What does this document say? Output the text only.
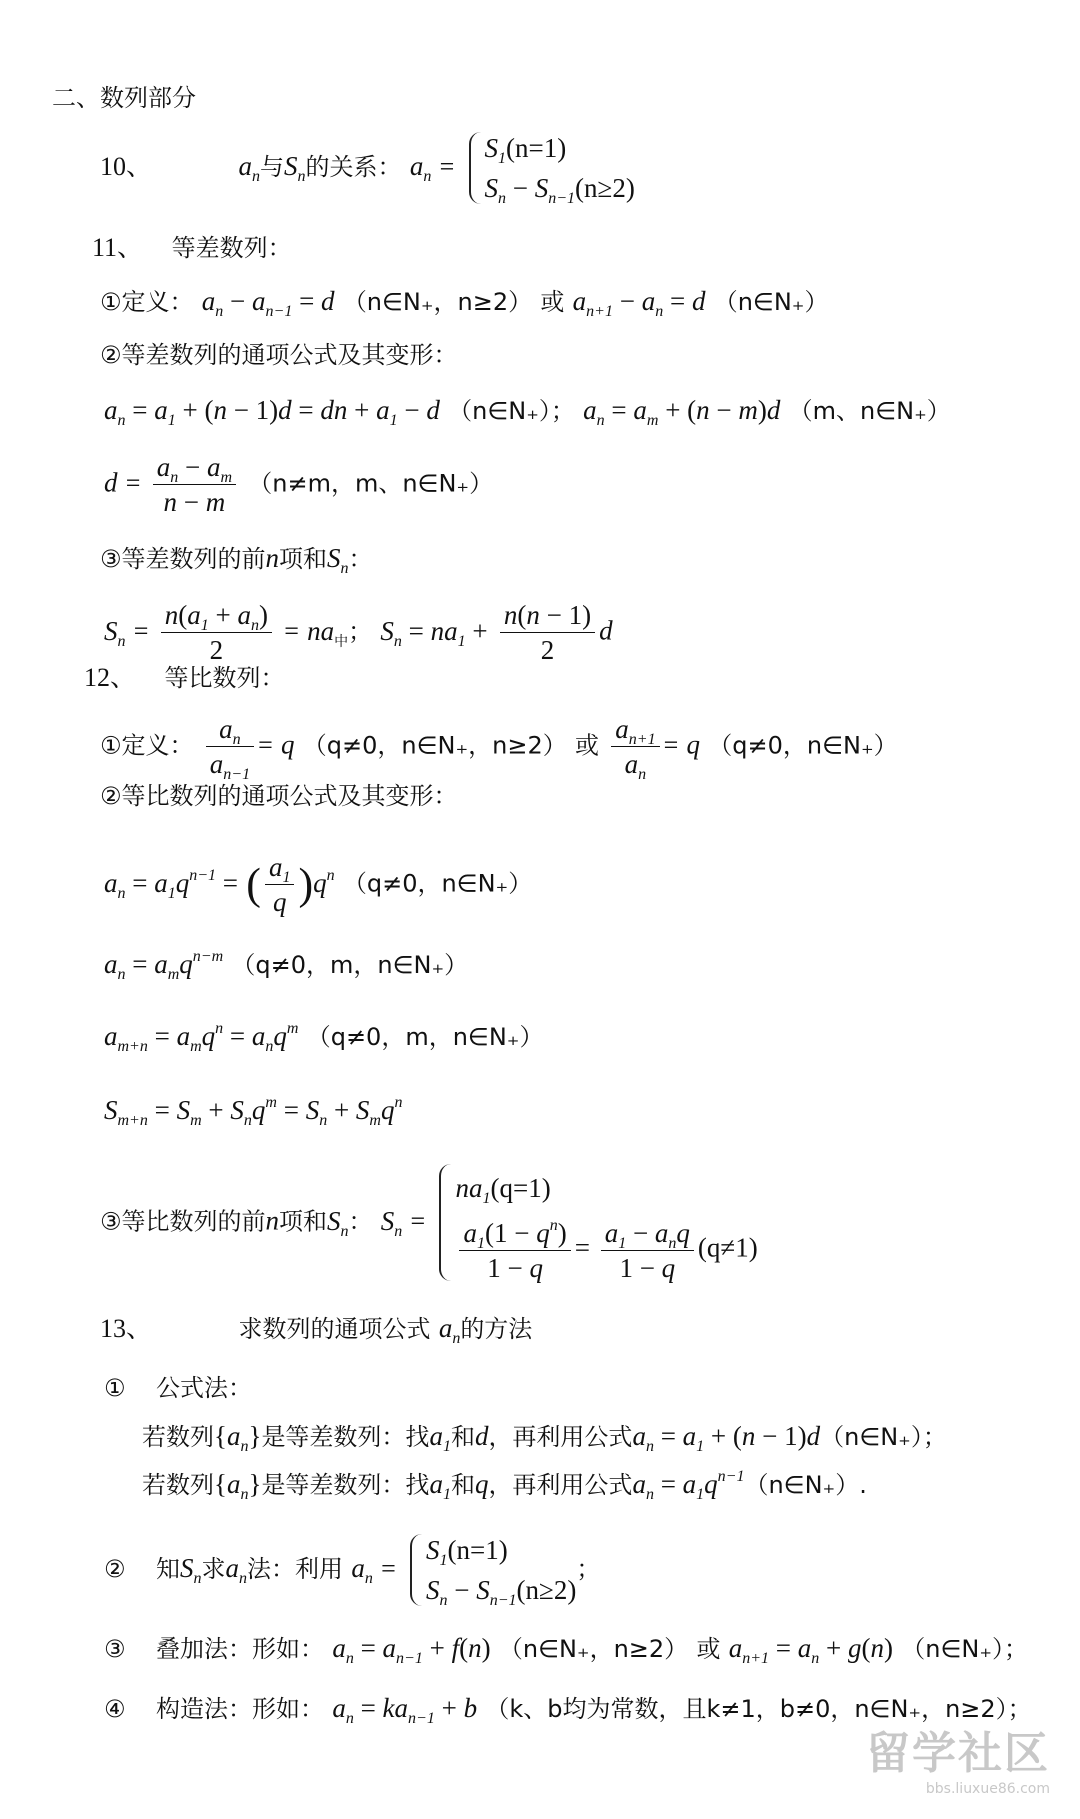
二、数列部分
10、	$a_n$与$S_n$的关系： $a_n$ =
$S_1(n=1)$
$S_n - S_{n-1}(n\ge 2)$
11、 等差数列：
①定义： $a_n - a_{n-1} = d$ （n∈N₊，n≥2） 或 $a_{n+1} - a_n = d$ （n∈N₊）
②等差数列的通项公式及其变形：
$a_n = a_1 + (n - 1)d$ = dn + $a_1 - d$ （n∈N₊）； $a_n = a_m + (n - m)d$ （m、n∈N₊）
$d = \frac{a_n - a_m}{n - m} (n\ne m$，m、n∈N₊）
③等差数列的前n项和$S_n$：
$S_n = \frac{n(a_1 + a_n)}{2} = na_中$； $S_n = na_1 + \frac{n(n - 1)}{2}$ d
12、 等比数列：
①定义： $\frac{a_n}{a_{n-1}} = q$ （q≠0，n∈N₊，n≥2） 或 $\frac{a_{n+1}}{a_n} = q$ （q≠0，n∈N₊）
②等比数列的通项公式及其变形：
$a_n = a_1q^{n-1}$ = ( $\frac{a_1}{q} )q^n$ （q≠0，n∈N₊）
$a_n = a_mq^{n-m}$ （q≠0，m，n∈N₊）
$a_{m+n} = a_mq^n = a_nq^m$ （q≠0，m，n∈N₊）
$S_{m+n} = S_m + S_nq^m = S_n + S_mq^n$
③等比数列的前n项和$S_n$： $S_n$ =
$na_1(q=1)$
$\frac{a_1(1 - q^n)}{1 - q} = \frac{a_1 - a_nq}{1 - q} (q\ne 1)$
13、	求数列的通项公式 $a_n$的方法
① 公式法：
若数列$\{a_n\}$是等差数列：找$a_1$和d，再利用公式$a_n = a_1 + (n$ − 1)d（n∈N₊）；
若数列$\{a_n\}$是等差数列：找$a_1$和q，再利用公式$a_n$ = $a_1q^{n-1}(n\in N_+)$.
② 知$S_n$求$a_n$法：利用 $a_n$ =
$S_1(n=1)$
$S_n - S_{n-1}(n\ge 2)$
；
③ 叠加法：形如： $a_n = a_{n-1} + f(n)$ （n∈N₊，n≥2） 或 $a_{n+1} = a_n + g(n)$ （n∈N₊）；
④ 构造法：形如： $a_n = ka_{n-1} + b$ （k、b均为常数，且k≠1，b≠0，n∈N₊，n≥2）；
留学社区
bbs.liuxue86.com
